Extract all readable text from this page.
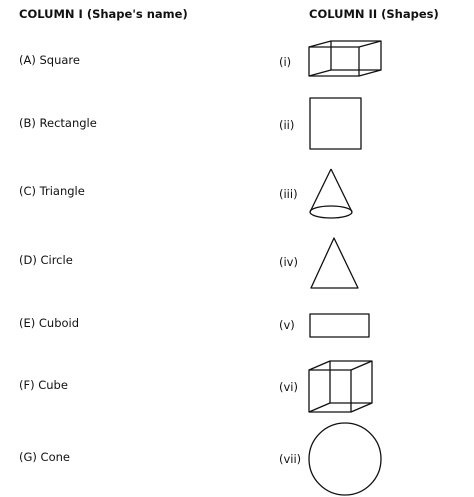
COLUMN I (Shape's name)	COLUMN II (Shapes)
(A) Square
(B) Rectangle
(C) Triangle
(D) Circle
(E) Cuboid
(F) Cube
(G) Cone
(i)
(ii)
(iii)
(iv)
(v)
(vi)
(vii)
